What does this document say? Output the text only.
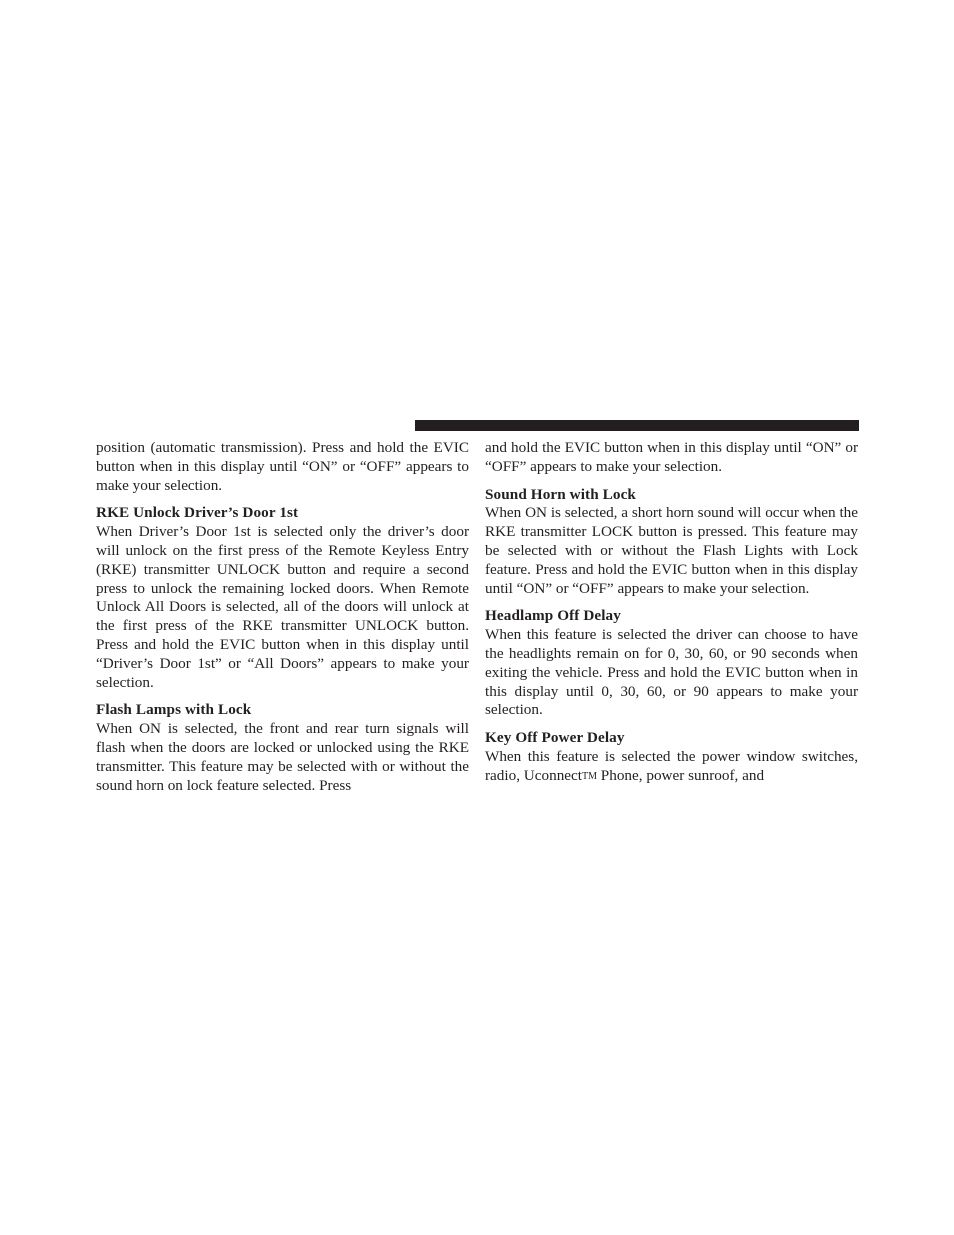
position (automatic transmission). Press and hold the EVIC button when in this display until “ON” or “OFF” appears to make your selection.

RKE Unlock Driver’s Door 1st

When Driver’s Door 1st is selected only the driver’s door will unlock on the first press of the Remote Keyless Entry (RKE) transmitter UNLOCK button and require a second press to unlock the remaining locked doors. When Remote Unlock All Doors is selected, all of the doors will unlock at the first press of the RKE transmitter UNLOCK button. Press and hold the EVIC button when in this display until “Driver’s Door 1st” or “All Doors” appears to make your selection.

Flash Lamps with Lock

When ON is selected, the front and rear turn signals will flash when the doors are locked or unlocked using the RKE transmitter. This feature may be selected with or without the sound horn on lock feature selected. Press

and hold the EVIC button when in this display until “ON” or “OFF” appears to make your selection.

Sound Horn with Lock

When ON is selected, a short horn sound will occur when the RKE transmitter LOCK button is pressed. This feature may be selected with or without the Flash Lights with Lock feature. Press and hold the EVIC button when in this display until “ON” or “OFF” appears to make your selection.

Headlamp Off Delay

When this feature is selected the driver can choose to have the headlights remain on for 0, 30, 60, or 90 seconds when exiting the vehicle. Press and hold the EVIC button when in this display until 0, 30, 60, or 90 appears to make your selection.

Key Off Power Delay

When this feature is selected the power window switches, radio, UconnectTM Phone, power sunroof, and
